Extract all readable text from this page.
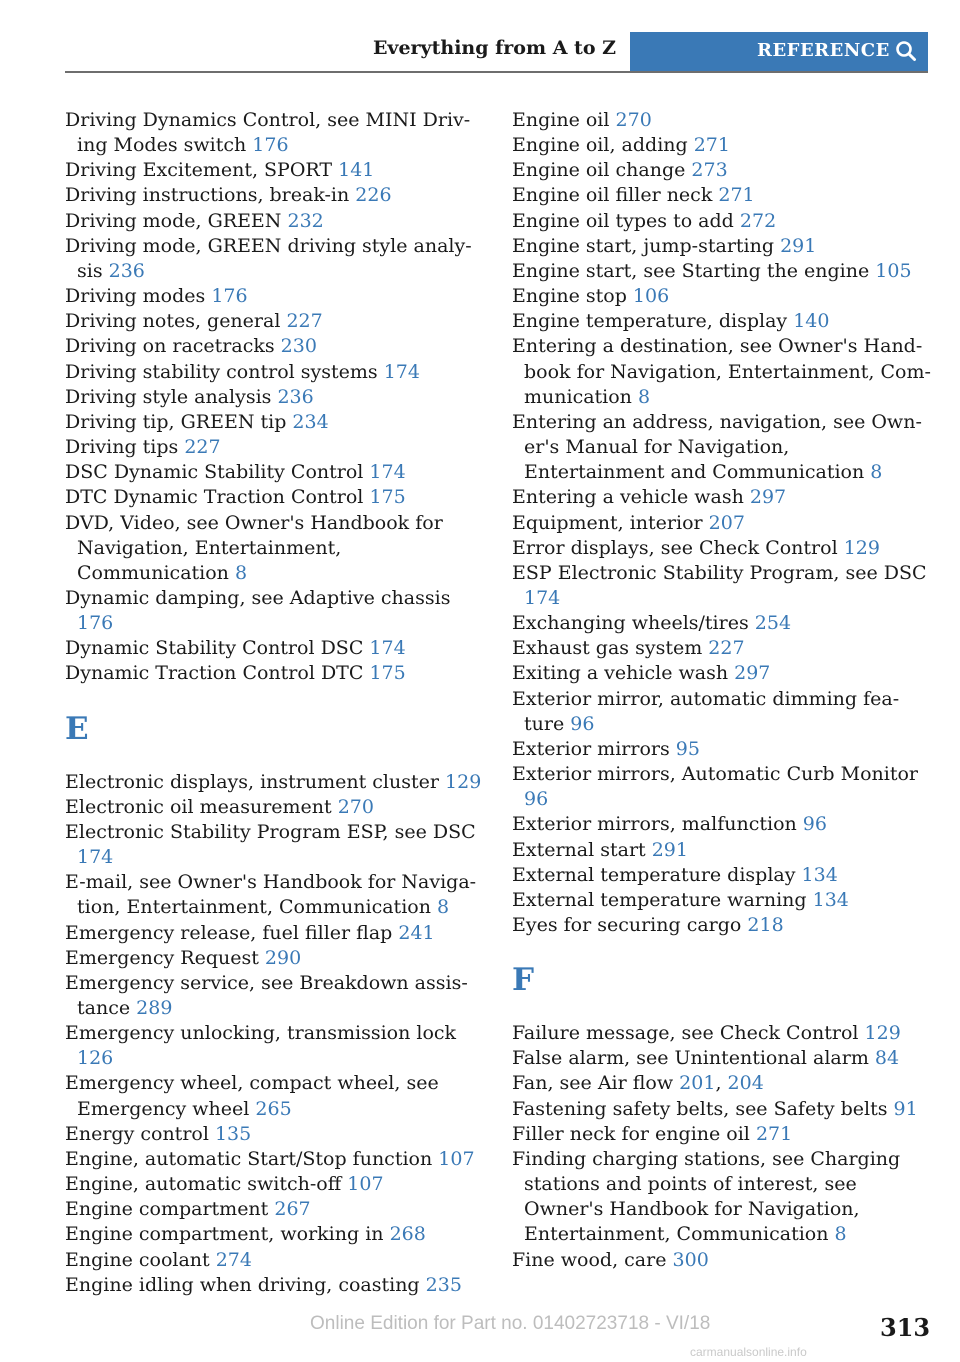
Everything from A to Z	REFERENCE
Driving Dynamics Control, see MINI Driving Modes switch 176
Driving Excitement, SPORT 141
Driving instructions, break-in 226
Driving mode, GREEN 232
Driving mode, GREEN driving style analysis 236
Driving modes 176
Driving notes, general 227
Driving on racetracks 230
Driving stability control systems 174
Driving style analysis 236
Driving tip, GREEN tip 234
Driving tips 227
DSC Dynamic Stability Control 174
DTC Dynamic Traction Control 175
DVD, Video, see Owner's Handbook for Navigation, Entertainment, Communication 8
Dynamic damping, see Adaptive chassis 176
Dynamic Stability Control DSC 174
Dynamic Traction Control DTC 175
E
Electronic displays, instrument cluster 129
Electronic oil measurement 270
Electronic Stability Program ESP, see DSC 174
E-mail, see Owner's Handbook for Navigation, Entertainment, Communication 8
Emergency release, fuel filler flap 241
Emergency Request 290
Emergency service, see Breakdown assistance 289
Emergency unlocking, transmission lock 126
Emergency wheel, compact wheel, see Emergency wheel 265
Energy control 135
Engine, automatic Start/Stop function 107
Engine, automatic switch-off 107
Engine compartment 267
Engine compartment, working in 268
Engine coolant 274
Engine idling when driving, coasting 235
Engine oil 270
Engine oil, adding 271
Engine oil change 273
Engine oil filler neck 271
Engine oil types to add 272
Engine start, jump-starting 291
Engine start, see Starting the engine 105
Engine stop 106
Engine temperature, display 140
Entering a destination, see Owner's Handbook for Navigation, Entertainment, Communication 8
Entering an address, navigation, see Owner's Manual for Navigation, Entertainment and Communication 8
Entering a vehicle wash 297
Equipment, interior 207
Error displays, see Check Control 129
ESP Electronic Stability Program, see DSC 174
Exchanging wheels/tires 254
Exhaust gas system 227
Exiting a vehicle wash 297
Exterior mirror, automatic dimming feature 96
Exterior mirrors 95
Exterior mirrors, Automatic Curb Monitor 96
Exterior mirrors, malfunction 96
External start 291
External temperature display 134
External temperature warning 134
Eyes for securing cargo 218
F
Failure message, see Check Control 129
False alarm, see Unintentional alarm 84
Fan, see Air flow 201, 204
Fastening safety belts, see Safety belts 91
Filler neck for engine oil 271
Finding charging stations, see Charging stations and points of interest, see Owner's Handbook for Navigation, Entertainment, Communication 8
Fine wood, care 300
Online Edition for Part no. 01402723718 - VI/18	313
carmanualsonline.info
